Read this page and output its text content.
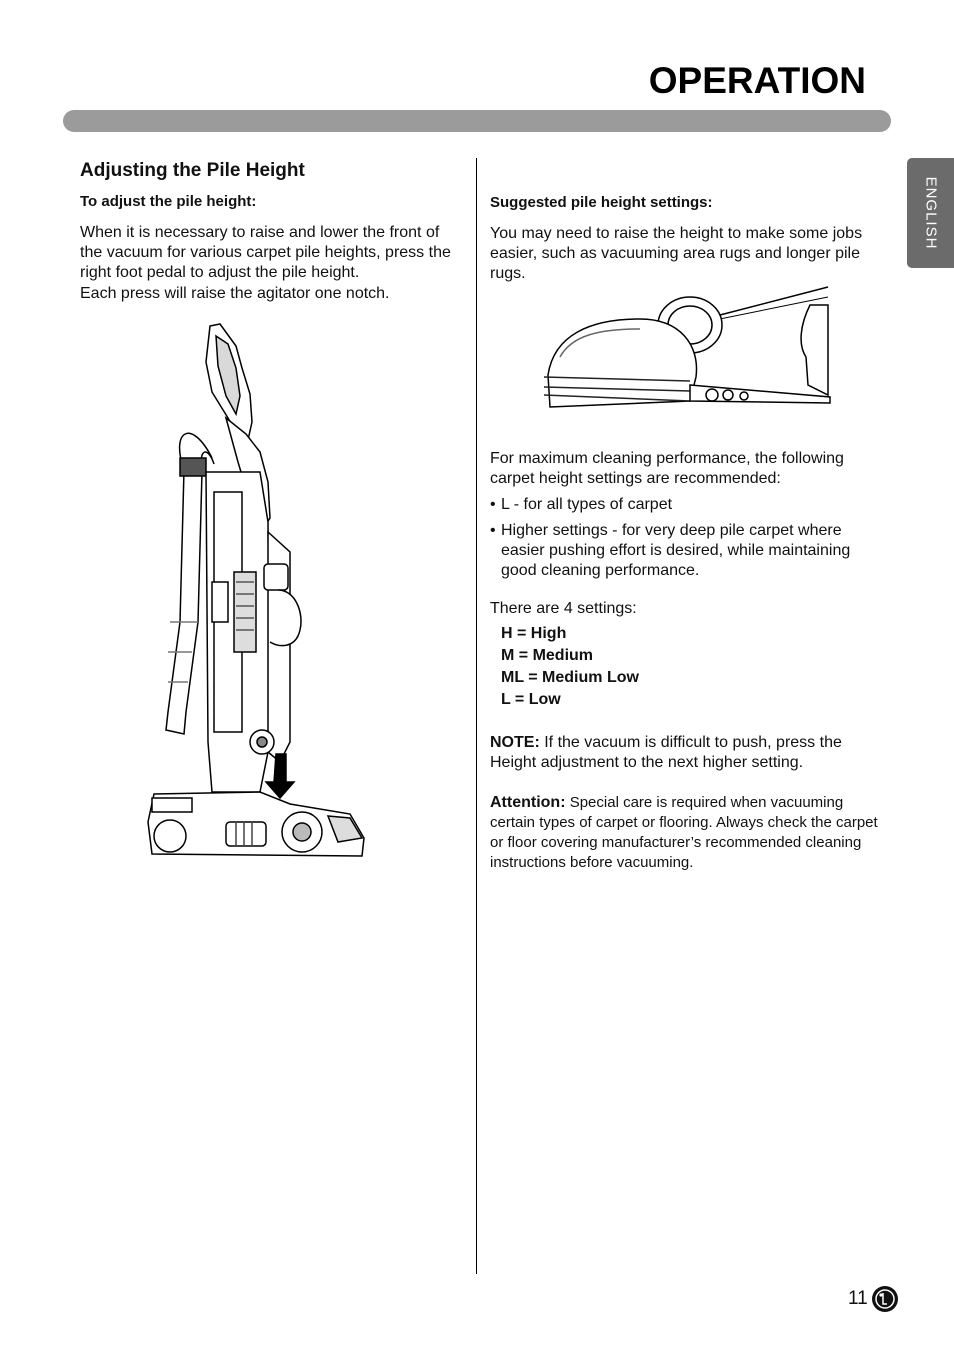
OPERATION
ENGLISH
Adjusting the Pile Height
To adjust the pile height:

When it is necessary to raise and lower the front of the vacuum for various carpet pile heights, press the right foot pedal to adjust the pile height.

Each press will raise the agitator one notch.

Suggested pile height settings:

You may need to raise the height to make some jobs easier, such as vacuuming area rugs and longer pile rugs.

For maximum cleaning performance, the following carpet height settings are recommended:

• L - for all types of carpet
• Higher settings - for very deep pile carpet where easier pushing effort is desired, while maintaining good cleaning performance.

There are 4 settings:

H = High
M = Medium
ML = Medium Low
L = Low

NOTE: If the vacuum is difficult to push, press the Height adjustment to the next higher setting.

Attention: Special care is required when vacuuming certain types of carpet or flooring. Always check the carpet or floor covering manufacturer’s recommended cleaning instructions before vacuuming.

11
